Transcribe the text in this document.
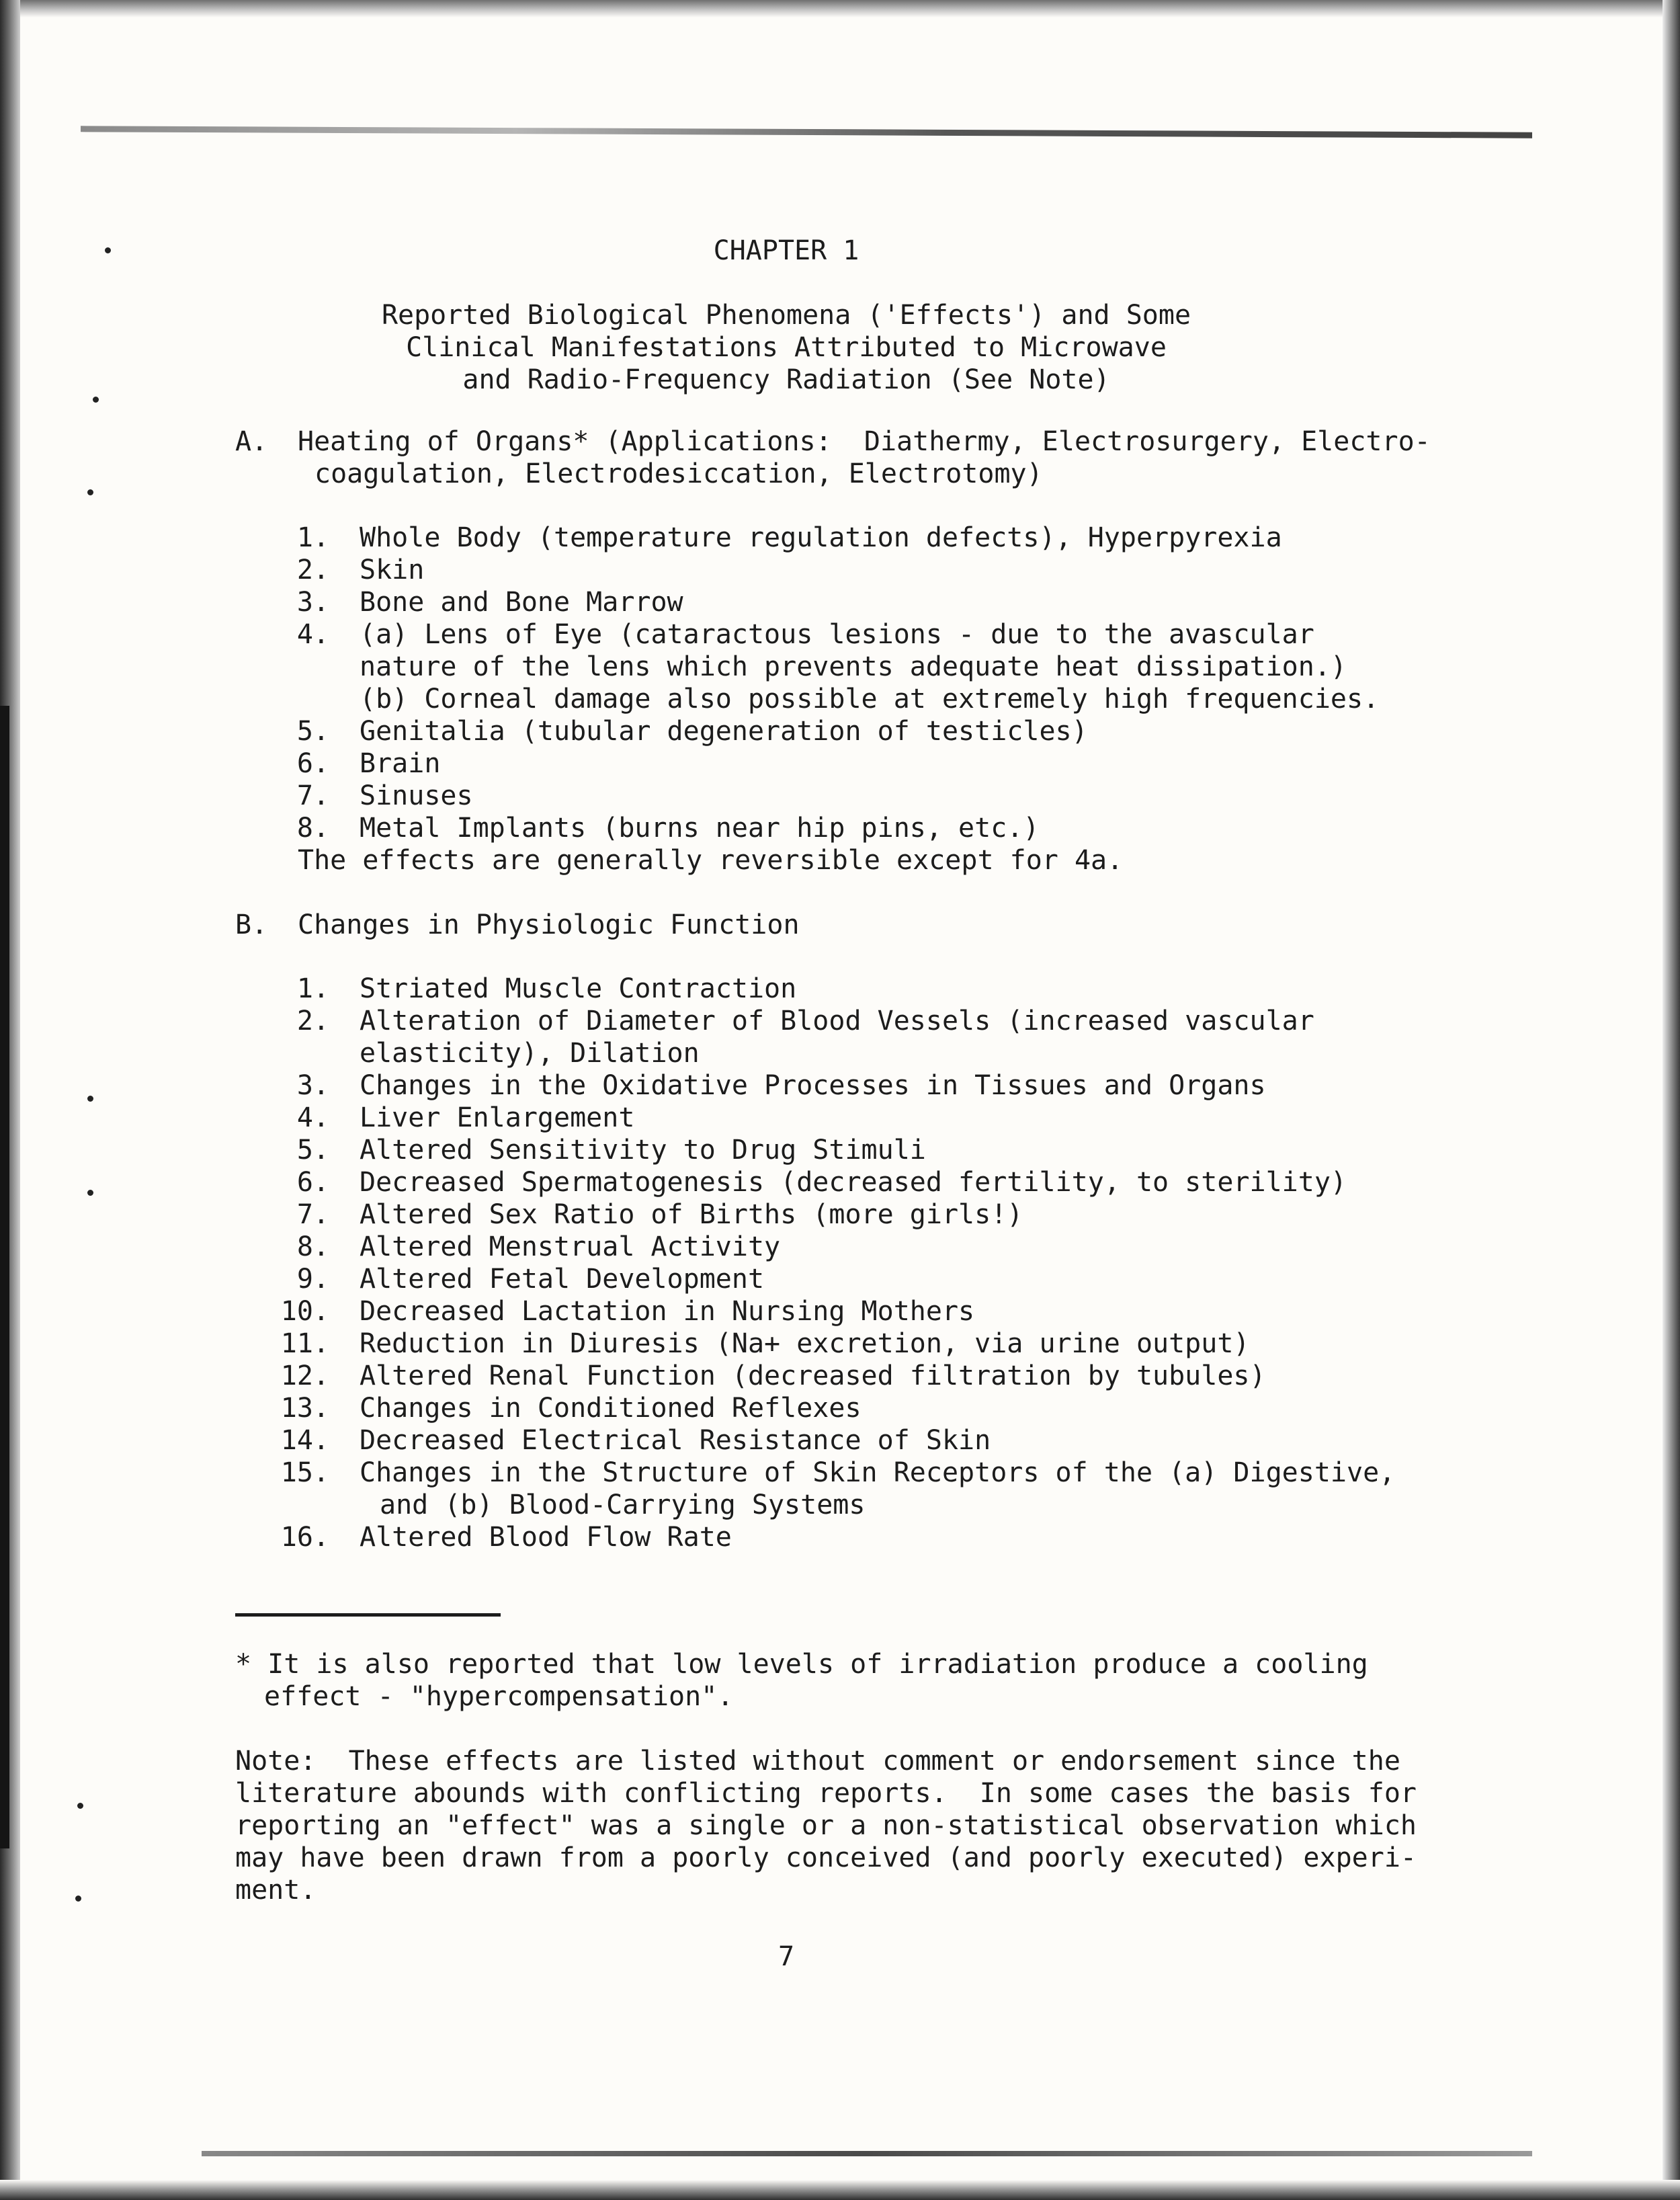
CHAPTER 1
Reported Biological Phenomena ('Effects') and Some
Clinical Manifestations Attributed to Microwave
and Radio-Frequency Radiation (See Note)
A. Heating of Organs* (Applications:  Diathermy, Electrosurgery, Electro-
coagulation, Electrodesiccation, Electrotomy)
1. Whole Body (temperature regulation defects), Hyperpyrexia
2. Skin
3. Bone and Bone Marrow
4. (a) Lens of Eye (cataractous lesions - due to the avascular
nature of the lens which prevents adequate heat dissipation.)
(b) Corneal damage also possible at extremely high frequencies.
5. Genitalia (tubular degeneration of testicles)
6. Brain
7. Sinuses
8. Metal Implants (burns near hip pins, etc.)
The effects are generally reversible except for 4a.
B. Changes in Physiologic Function
1. Striated Muscle Contraction
2. Alteration of Diameter of Blood Vessels (increased vascular
elasticity), Dilation
3. Changes in the Oxidative Processes in Tissues and Organs
4. Liver Enlargement
5. Altered Sensitivity to Drug Stimuli
6. Decreased Spermatogenesis (decreased fertility, to sterility)
7. Altered Sex Ratio of Births (more girls!)
8. Altered Menstrual Activity
9. Altered Fetal Development
10. Decreased Lactation in Nursing Mothers
11. Reduction in Diuresis (Na+ excretion, via urine output)
12. Altered Renal Function (decreased filtration by tubules)
13. Changes in Conditioned Reflexes
14. Decreased Electrical Resistance of Skin
15. Changes in the Structure of Skin Receptors of the (a) Digestive,
and (b) Blood-Carrying Systems
16. Altered Blood Flow Rate
* It is also reported that low levels of irradiation produce a cooling
effect - "hypercompensation".
Note:  These effects are listed without comment or endorsement since the
literature abounds with conflicting reports.  In some cases the basis for
reporting an "effect" was a single or a non-statistical observation which
may have been drawn from a poorly conceived (and poorly executed) experi-
ment.
7
